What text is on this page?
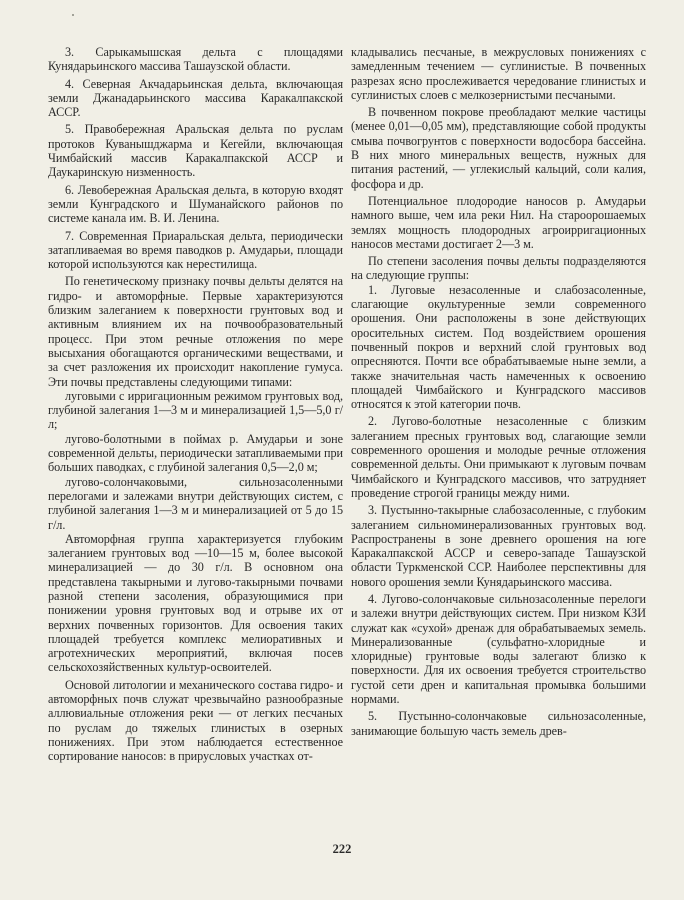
3. Сарыкамышская дельта с площадями Кунядарьинского массива Ташаузской области.

4. Северная Акчадарьинская дельта, включающая земли Джанадарьинского массива Каракалпакской АССР.

5. Правобережная Аральская дельта по руслам протоков Куванышджарма и Кегейли, включающая Чимбайский массив Каракалпакской АССР и Даукаринскую низменность.

6. Левобережная Аральская дельта, в которую входят земли Кунградского и Шуманайского районов по системе канала им. В. И. Ленина.

7. Современная Приаральская дельта, периодически затапливаемая во время паводков р. Амударьи, площади которой используются как нерестилища.

По генетическому признаку почвы дельты делятся на гидро- и автоморфные. Первые характеризуются близким залеганием к поверхности грунтовых вод и активным влиянием их на почвообразовательный процесс. При этом речные отложения по мере высыхания обогащаются органическими веществами, и за счет разложения их происходит накопление гумуса. Эти почвы представлены следующими типами:

луговыми с ирригационным режимом грунтовых вод, глубиной залегания 1—3 м и минерализацией 1,5—5,0 г/л;

лугово-болотными в поймах р. Амударьи и зоне современной дельты, периодически затапливаемыми при больших паводках, с глубиной залегания 0,5—2,0 м;

лугово-солончаковыми, сильнозасоленными перелогами и залежами внутри действующих систем, с глубиной залегания 1—3 м и минерализацией от 5 до 15 г/л.

Автоморфная группа характеризуется глубоким залеганием грунтовых вод —10—15 м, более высокой минерализацией — до 30 г/л. В основном она представлена такырными и лугово-такырными почвами разной степени засоления, образующимися при понижении уровня грунтовых вод и отрыве их от верхних почвенных горизонтов. Для освоения таких площадей требуется комплекс мелиоративных и агротехнических мероприятий, включая посев сельскохозяйственных культур-освоителей.

Основой литологии и механического состава гидро- и автоморфных почв служат чрезвычайно разнообразные аллювиальные отложения реки — от легких песчаных по руслам до тяжелых глинистых в озерных понижениях. При этом наблюдается естественное сортирование наносов: в прирусловых участках от-

кладывались песчаные, в межрусловых понижениях с замедленным течением — суглинистые. В почвенных разрезах ясно прослеживается чередование глинистых и суглинистых слоев с мелкозернистыми песчаными.

В почвенном покрове преобладают мелкие частицы (менее 0,01—0,05 мм), представляющие собой продукты смыва почвогрунтов с поверхности водосбора бассейна. В них много минеральных веществ, нужных для питания растений, — углекислый кальций, соли калия, фосфора и др.

Потенциальное плодородие наносов р. Амударьи намного выше, чем ила реки Нил. На староорошаемых землях мощность плодородных агроирригационных наносов местами достигает 2—3 м.

По степени засоления почвы дельты подразделяются на следующие группы:

1. Луговые незасоленные и слабозасоленные, слагающие окультуренные земли современного орошения. Они расположены в зоне действующих оросительных систем. Под воздействием орошения почвенный покров и верхний слой грунтовых вод опресняются. Почти все обрабатываемые ныне земли, а также значительная часть намеченных к освоению площадей Чимбайского и Кунградского массивов относятся к этой категории почв.

2. Лугово-болотные незасоленные с близким залеганием пресных грунтовых вод, слагающие земли современного орошения и молодые речные отложения современной дельты. Они примыкают к луговым почвам Чимбайского и Кунградского массивов, что затрудняет проведение строгой границы между ними.

3. Пустынно-такырные слабозасоленные, с глубоким залеганием сильноминерализованных грунтовых вод. Распространены в зоне древнего орошения на юге Каракалпакской АССР и северо-западе Ташаузской области Туркменской ССР. Наиболее перспективны для нового орошения земли Кунядарьинского массива.

4. Лугово-солончаковые сильнозасоленные перелоги и залежи внутри действующих систем. При низком КЗИ служат как «сухой» дренаж для обрабатываемых земель. Минерализованные (сульфатно-хлоридные и хлоридные) грунтовые воды залегают близко к поверхности. Для их освоения требуется строительство густой сети дрен и капитальная промывка большими нормами.

5. Пустынно-солончаковые сильнозасоленные, занимающие большую часть земель древ-

222
